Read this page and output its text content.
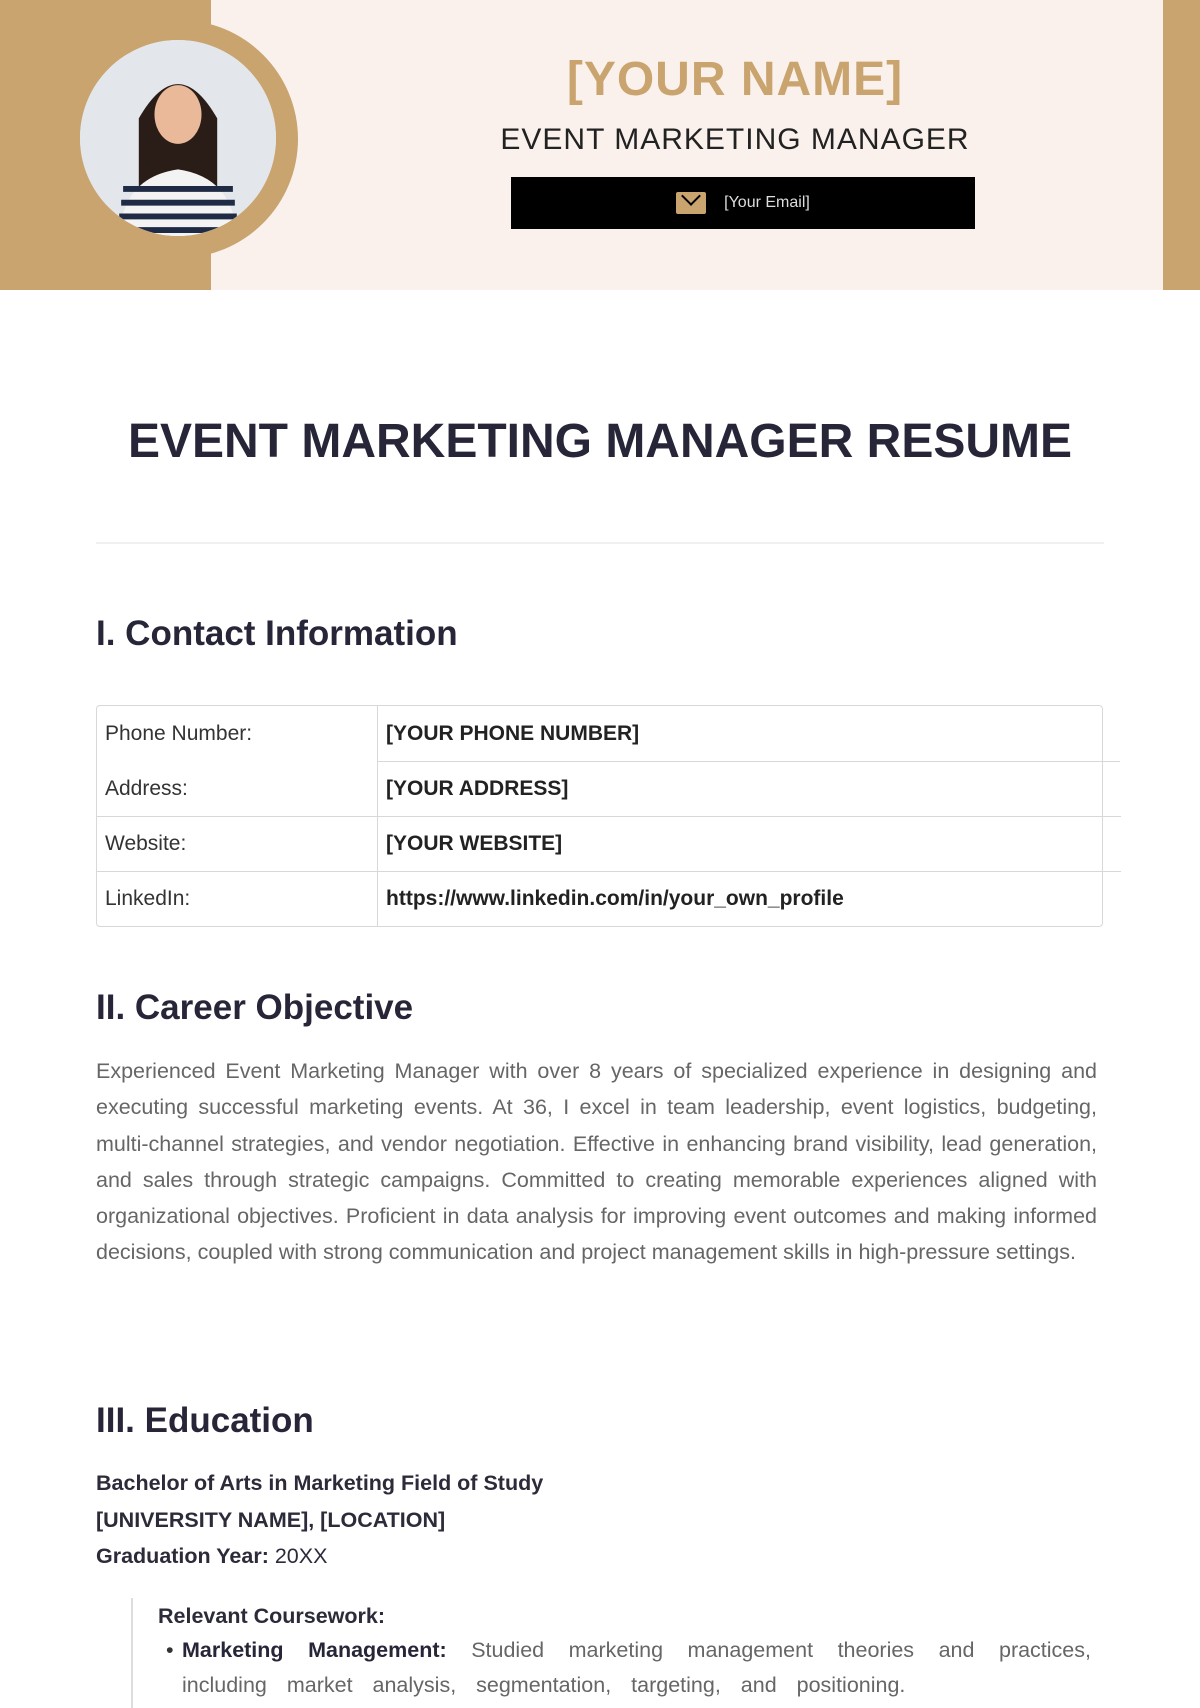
[YOUR NAME]
EVENT MARKETING MANAGER
[Your Email]
EVENT MARKETING MANAGER RESUME
I. Contact Information
Phone Number:	[YOUR PHONE NUMBER]
Address:	[YOUR ADDRESS]
Website:	[YOUR WEBSITE]
LinkedIn:	https://www.linkedin.com/in/your_own_profile
II. Career Objective
Experienced Event Marketing Manager with over 8 years of specialized experience in designing and executing successful marketing events. At 36, I excel in team leadership, event logistics, budgeting, multi-channel strategies, and vendor negotiation. Effective in enhancing brand visibility, lead generation, and sales through strategic campaigns. Committed to creating memorable experiences aligned with organizational objectives. Proficient in data analysis for improving event outcomes and making informed decisions, coupled with strong communication and project management skills in high-pressure settings.
III. Education
Bachelor of Arts in Marketing Field of Study
[UNIVERSITY NAME], [LOCATION]
Graduation Year: 20XX
Relevant Coursework:
• Marketing Management: Studied marketing management theories and practices, including market analysis, segmentation, targeting, and positioning.
